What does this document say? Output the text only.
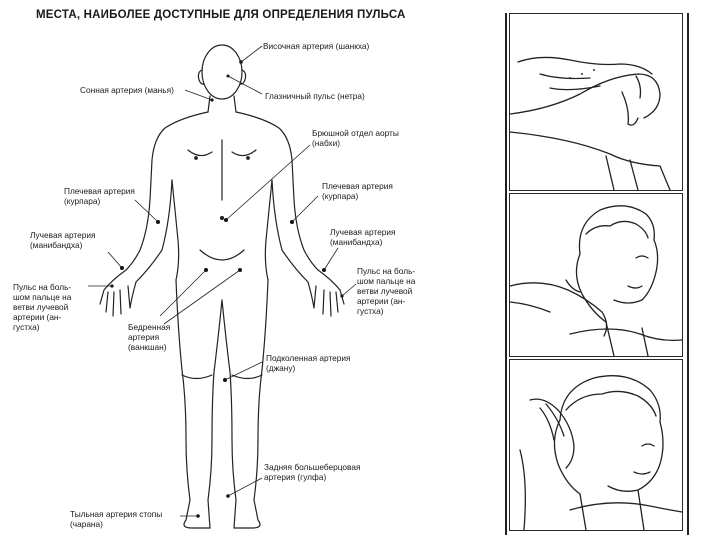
МЕСТА, НАИБОЛЕЕ ДОСТУПНЫЕ ДЛЯ ОПРЕДЕЛЕНИЯ ПУЛЬСА
Височная артерия (шанкха)
Сонная артерия (манья)
Глазничный пульс (нетра)
Брюшной отдел аорты
(набхи)
Плечевая артерия
(курпара)
Плечевая артерия
(курпара)
Лучевая артерия
(манибандха)
Лучевая артерия
(манибандха)
Пульс на боль-
шом пальце на
ветви лучевой
артерии (ан-
густха)
Пульс на боль-
шом пальце на
ветви лучевой
артерии (ан-
густха)
Бедренная
артерия
(ванкшан)
Подколенная артерия
(джану)
Задняя большеберцовая
артерия (гулфа)
Тыльная артерия стопы
(чарана)
